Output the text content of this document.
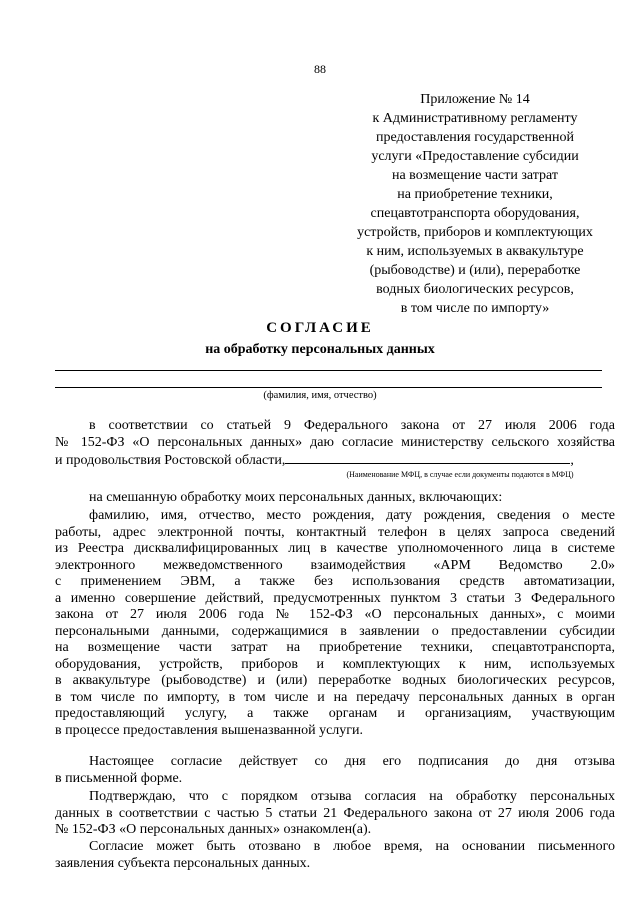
88
Приложение № 14
к Административному регламенту
предоставления государственной
услуги «Предоставление субсидии
на возмещение части затрат
на приобретение техники,
спецавтотранспорта оборудования,
устройств, приборов и комплектующих
к ним, используемых в аквакультуре
(рыбоводстве) и (или), переработке
водных биологических ресурсов,
в том числе по импорту»
СОГЛАСИЕ
на обработку персональных данных
(фамилия, имя, отчество)
в соответствии со статьей 9 Федерального закона от 27 июля 2006 года
№ 152-ФЗ «О персональных данных» даю согласие министерству сельского хозяйства
и продовольствия Ростовской области,	,
(Наименование МФЦ, в случае если документы подаются в МФЦ)
на смешанную обработку моих персональных данных, включающих:
фамилию, имя, отчество, место рождения, дату рождения, сведения о месте
работы, адрес электронной почты, контактный телефон в целях запроса сведений
из Реестра дисквалифицированных лиц в качестве уполномоченного лица в системе
электронного межведомственного взаимодействия «АРМ Ведомство 2.0»
с применением ЭВМ, а также без использования средств автоматизации,
а именно совершение действий, предусмотренных пунктом 3 статьи 3 Федерального
закона от 27 июля 2006 года № 152-ФЗ «О персональных данных», с моими
персональными данными, содержащимися в заявлении о предоставлении субсидии
на возмещение части затрат на приобретение техники, спецавтотранспорта,
оборудования, устройств, приборов и комплектующих к ним, используемых
в аквакультуре (рыбоводстве) и (или) переработке водных биологических ресурсов,
в том числе по импорту, в том числе и на передачу персональных данных в орган
предоставляющий услугу, а также органам и организациям, участвующим
в процессе предоставления вышеназванной услуги.
Настоящее согласие действует со дня его подписания до дня отзыва
в письменной форме.
Подтверждаю, что с порядком отзыва согласия на обработку персональных
данных в соответствии с частью 5 статьи 21 Федерального закона от 27 июля 2006 года
№ 152-ФЗ «О персональных данных» ознакомлен(а).
Согласие может быть отозвано в любое время, на основании письменного
заявления субъекта персональных данных.
